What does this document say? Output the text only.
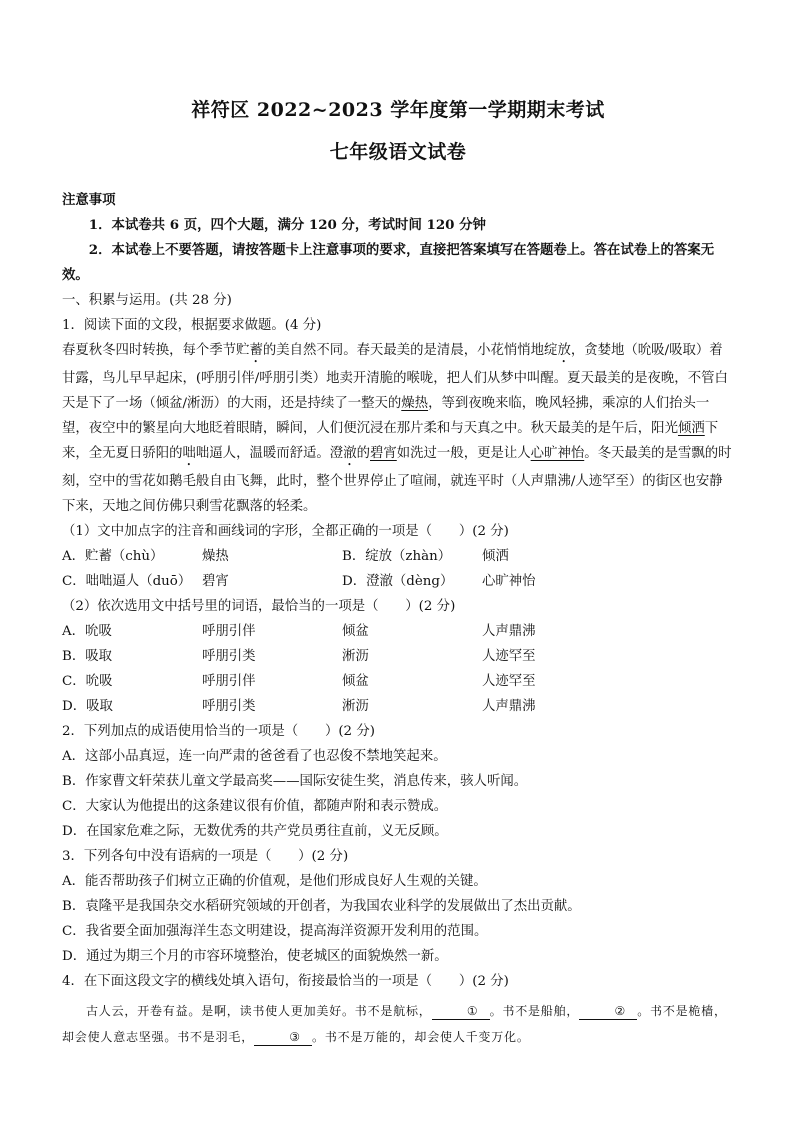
祥符区 2022~2023 学年度第一学期期末考试
七年级语文试卷
注意事项
1．本试卷共 6 页，四个大题，满分 120 分，考试时间 120 分钟
2．本试卷上不要答题，请按答题卡上注意事项的要求，直接把答案填写在答题卷上。答在试卷上的答案无效。
一、积累与运用。(共 28 分)
1．阅读下面的文段，根据要求做题。(4 分)
春夏秋冬四时转换，每个季节贮蓄的美自然不同。春天最美的是清晨，小花悄悄地绽放，贪婪地（吮吸/吸取）着甘露，鸟儿早早起床，(呼朋引伴/呼朋引类）地卖开清脆的喉咙，把人们从梦中叫醒。夏天最美的是夜晚，不管白天是下了一场（倾盆/淅沥）的大雨，还是持续了一整天的燥热，等到夜晚来临，晚风轻拂，乘凉的人们抬头一望，夜空中的繁星向大地眨着眼睛，瞬间，人们便沉浸在那片柔和与天真之中。秋天最美的是午后，阳光倾洒下来，全无夏日骄阳的咄咄逼人，温暖而舒适。澄澈的碧宵如洗过一般，更是让人心旷神怡。冬天最美的是雪飘的时刻，空中的雪花如鹅毛般自由飞舞，此时，整个世界停止了喧闹，就连平时（人声鼎沸/人迹罕至）的街区也安静下来，天地之间仿佛只剩雪花飘落的轻柔。
（1）文中加点字的注音和画线词的字形，全都正确的一项是（　　）(2 分)
A．贮蓄（chù）	燥热	B．绽放（zhàn）	倾洒
C．咄咄逼人（duō） 碧宵	D．澄澈（dèng）	心旷神怡
（2）依次选用文中括号里的词语，最恰当的一项是（　　）(2 分)
A．吮吸	呼朋引伴	倾盆	人声鼎沸
B．吸取	呼朋引类	淅沥	人迹罕至
C．吮吸	呼朋引伴	倾盆	人迹罕至
D．吸取	呼朋引类	淅沥	人声鼎沸
2．下列加点的成语使用恰当的一项是（　　）(2 分)
A．这部小品真逗，连一向严肃的爸爸看了也忍俊不禁地笑起来。
B．作家曹文轩荣获儿童文学最高奖——国际安徒生奖，消息传来，骇人听闻。
C．大家认为他提出的这条建议很有价值，都随声附和表示赞成。
D．在国家危难之际，无数优秀的共产党员勇往直前，义无反顾。
3．下列各句中没有语病的一项是（　　）(2 分)
A．能否帮助孩子们树立正确的价值观，是他们形成良好人生观的关键。
B．袁隆平是我国杂交水稻研究领域的开创者，为我国农业科学的发展做出了杰出贡献。
C．我省要全面加强海洋生态文明建设，提高海洋资源开发利用的范围。
D．通过为期三个月的市容环境整治，使老城区的面貌焕然一新。
4．在下面这段文字的横线处填入语句，衔接最恰当的一项是（　　）(2 分)
古人云，开卷有益。是啊，读书使人更加美好。书不是航标，	① 。书不是船舶，	② 。书不是桅樯，却会使人意志坚强。书不是羽毛，	③ 。书不是万能的，却会使人千变万化。
